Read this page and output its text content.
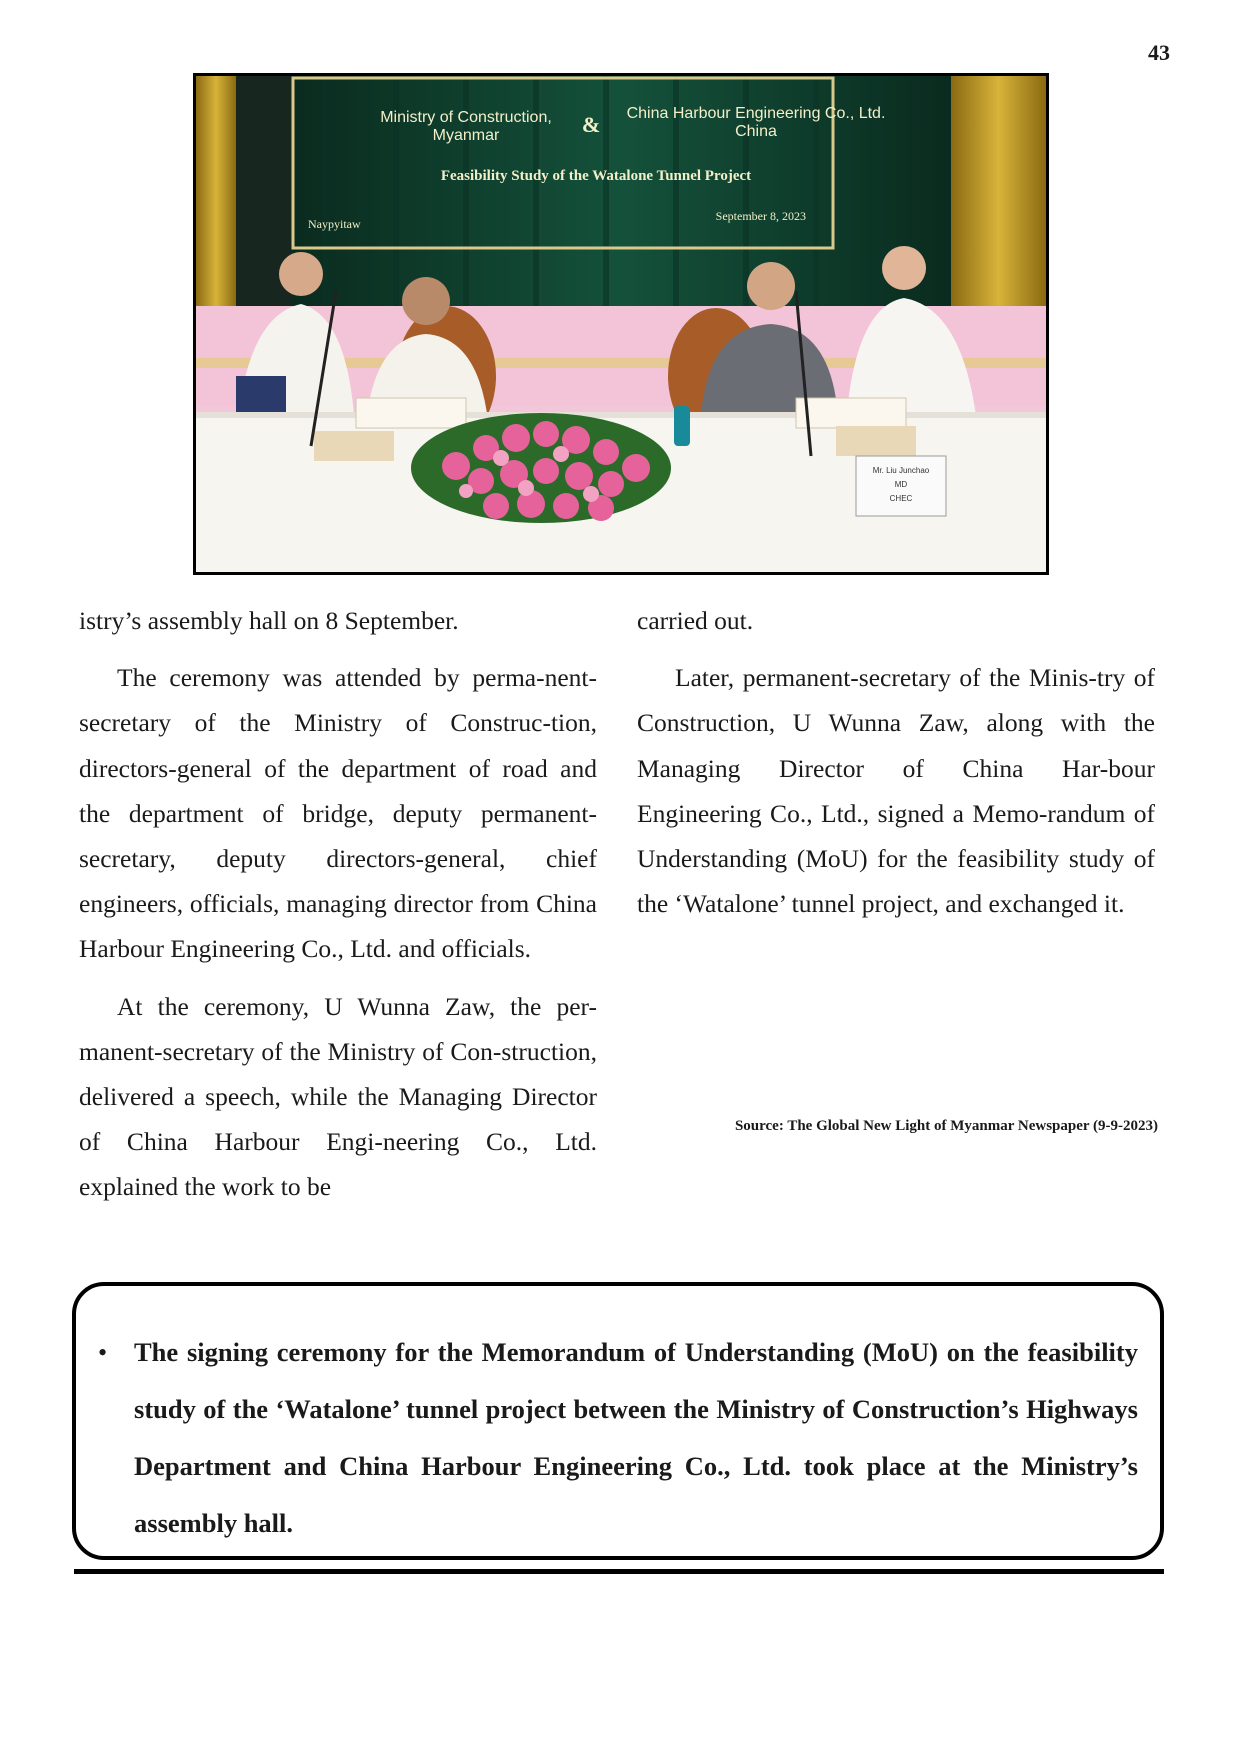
43
Ministry of Construction,
Myanmar	& China Harbour Engineering Co., Ltd.
China
Feasibility Study of the Watalone Tunnel Project
Naypyitaw
September 8, 2023
Mr. Liu Junchao
MD
CHEC

istry’s assembly hall on 8 September.

The ceremony was attended by perma-nent-secretary of the Ministry of Construc-tion, directors-general of the department of road and the department of bridge, deputy permanent-secretary, deputy directors-general, chief engineers, officials, managing director from China Harbour Engineering Co., Ltd. and officials.

At the ceremony, U Wunna Zaw, the per-manent-secretary of the Ministry of Con-struction, delivered a speech, while the Managing Director of China Harbour Engi-neering Co., Ltd. explained the work to be

carried out.

Later, permanent-secretary of the Minis-try of Construction, U Wunna Zaw, along with the Managing Director of China Har-bour Engineering Co., Ltd., signed a Memo-randum of Understanding (MoU) for the feasibility study of the ‘Watalone’ tunnel project, and exchanged it.

Source: The Global New Light of Myanmar Newspaper (9-9-2023)
• The signing ceremony for the Memorandum of Understanding (MoU) on the feasibility study of the ‘Watalone’ tunnel project between the Ministry of Construction’s Highways Department and China Harbour Engineering Co., Ltd. took place at the Ministry’s assembly hall.
